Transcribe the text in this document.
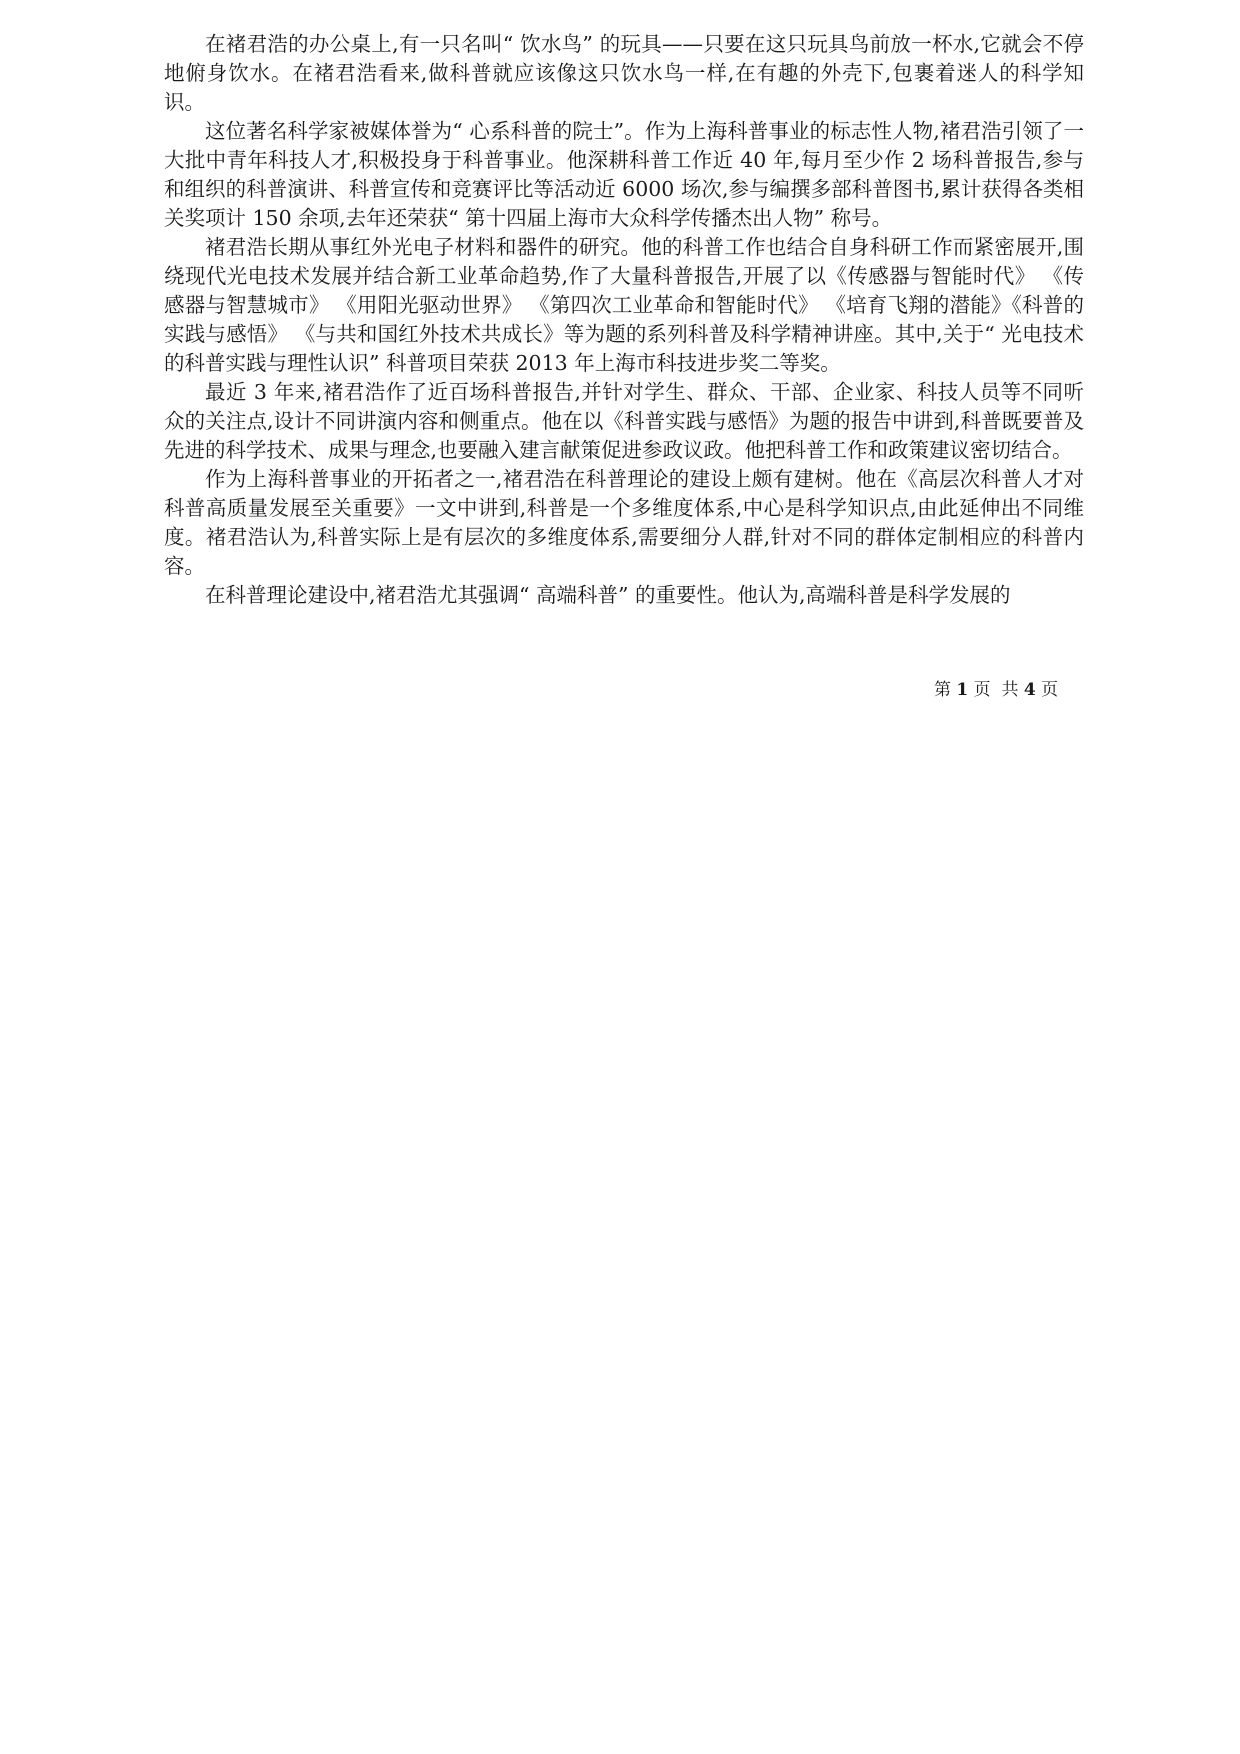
在褚君浩的办公桌上,有一只名叫“ 饮水鸟” 的玩具——只要在这只玩具鸟前放一杯水,它就会不停地俯身饮水。在褚君浩看来,做科普就应该像这只饮水鸟一样,在有趣的外壳下,包裹着迷人的科学知识。

这位著名科学家被媒体誉为“ 心系科普的院士”。作为上海科普事业的标志性人物,褚君浩引领了一大批中青年科技人才,积极投身于科普事业。他深耕科普工作近 40 年,每月至少作 2 场科普报告,参与和组织的科普演讲、科普宣传和竞赛评比等活动近 6000 场次,参与编撰多部科普图书,累计获得各类相关奖项计 150 余项,去年还荣获“ 第十四届上海市大众科学传播杰出人物” 称号。

褚君浩长期从事红外光电子材料和器件的研究。他的科普工作也结合自身科研工作而紧密展开,围绕现代光电技术发展并结合新工业革命趋势,作了大量科普报告,开展了以《传感器与智能时代》 《传感器与智慧城市》 《用阳光驱动世界》 《第四次工业革命和智能时代》 《培育飞翔的潜能》《科普的实践与感悟》 《与共和国红外技术共成长》等为题的系列科普及科学精神讲座。其中,关于“ 光电技术的科普实践与理性认识” 科普项目荣获 2013 年上海市科技进步奖二等奖。

最近 3 年来,褚君浩作了近百场科普报告,并针对学生、群众、干部、企业家、科技人员等不同听众的关注点,设计不同讲演内容和侧重点。他在以《科普实践与感悟》为题的报告中讲到,科普既要普及先进的科学技术、成果与理念,也要融入建言献策促进参政议政。他把科普工作和政策建议密切结合。

作为上海科普事业的开拓者之一,褚君浩在科普理论的建设上颇有建树。他在《高层次科普人才对科普高质量发展至关重要》一文中讲到,科普是一个多维度体系,中心是科学知识点,由此延伸出不同维度。褚君浩认为,科普实际上是有层次的多维度体系,需要细分人群,针对不同的群体定制相应的科普内容。

在科普理论建设中,褚君浩尤其强调“ 高端科普” 的重要性。他认为,高端科普是科学发展的

第 1 页  共 4 页
